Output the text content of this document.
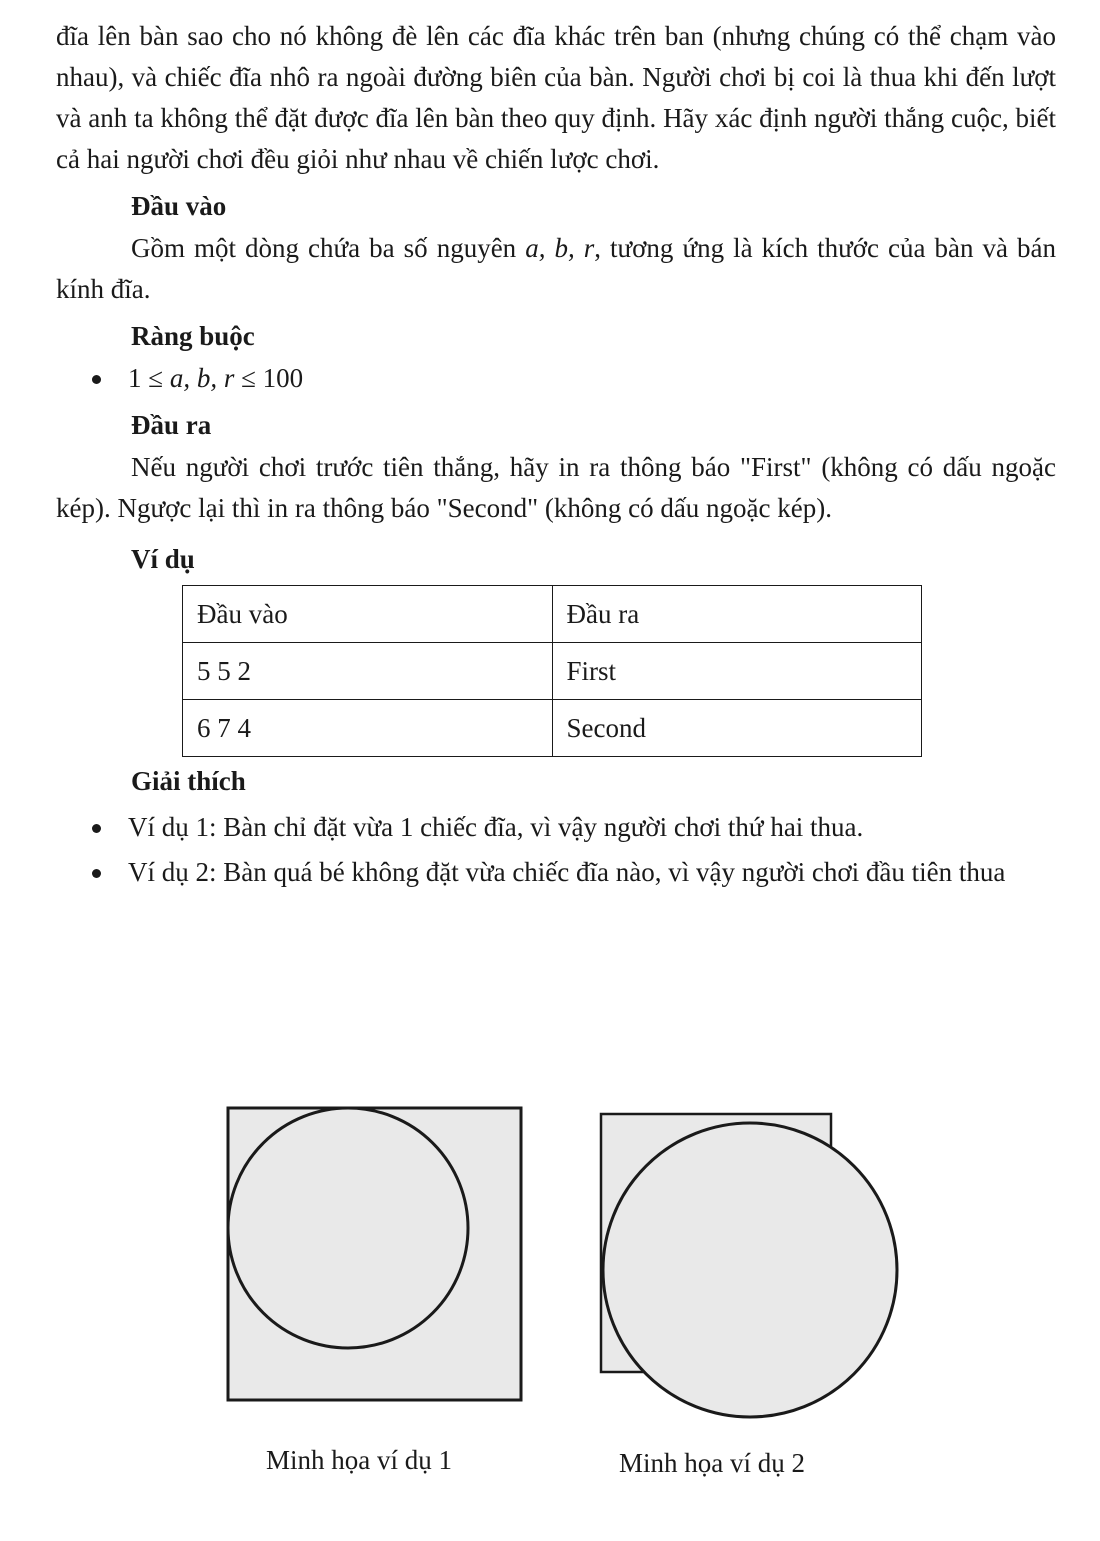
đĩa lên bàn sao cho nó không đè lên các đĩa khác trên ban (nhưng chúng có thể chạm vào nhau), và chiếc đĩa nhô ra ngoài đường biên của bàn. Người chơi bị coi là thua khi đến lượt và anh ta không thể đặt được đĩa lên bàn theo quy định. Hãy xác định người thắng cuộc, biết cả hai người chơi đều giỏi như nhau về chiến lược chơi.

Đầu vào

Gồm một dòng chứa ba số nguyên a, b, r, tương ứng là kích thước của bàn và bán kính đĩa.

Ràng buộc
1 ≤ a, b, r ≤ 100
Đầu ra

Nếu người chơi trước tiên thắng, hãy in ra thông báo "First" (không có dấu ngoặc kép). Ngược lại thì in ra thông báo "Second" (không có dấu ngoặc kép).

Ví dụ
Đầu vào	Đầu ra
5 5 2	First
6 7 4	Second
Giải thích
Ví dụ 1: Bàn chỉ đặt vừa 1 chiếc đĩa, vì vậy người chơi thứ hai thua.
Ví dụ 2: Bàn quá bé không đặt vừa chiếc đĩa nào, vì vậy người chơi đầu tiên thua
Minh họa ví dụ 1	Minh họa ví dụ 2
